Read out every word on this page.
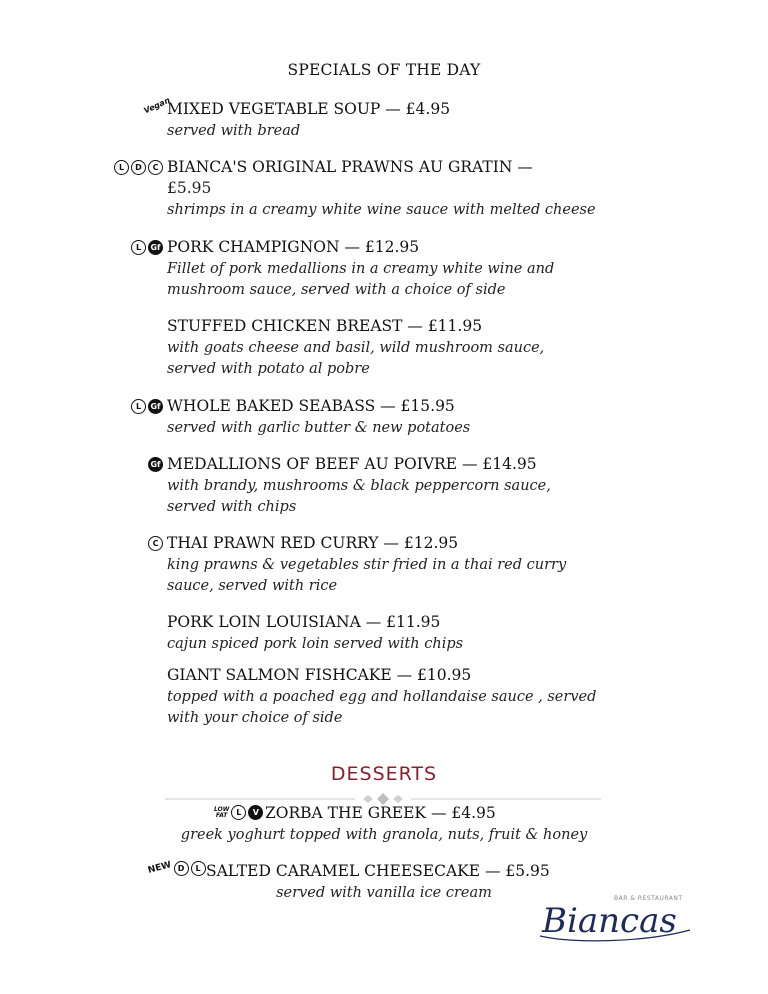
SPECIALS OF THE DAY
Vegan
MIXED VEGETABLE SOUP — £4.95
served with bread
L	D	C BIANCA'S ORIGINAL PRAWNS AU GRATIN —
£5.95
shrimps in a creamy white wine sauce with melted cheese
L	Gf PORK CHAMPIGNON — £12.95
Fillet of pork medallions in a creamy white wine and
mushroom sauce, served with a choice of side
STUFFED CHICKEN BREAST — £11.95
with goats cheese and basil, wild mushroom sauce,
served with potato al pobre
L	Gf WHOLE BAKED SEABASS — £15.95
served with garlic butter & new potatoes
Gf MEDALLIONS OF BEEF AU POIVRE — £14.95
with brandy, mushrooms & black peppercorn sauce,
served with chips
C THAI PRAWN RED CURRY — £12.95
king prawns & vegetables stir fried in a thai red curry
sauce, served with rice
PORK LOIN LOUISIANA — £11.95
cajun spiced pork loin served with chips
GIANT SALMON FISHCAKE — £10.95
topped with a poached egg and hollandaise sauce , served
with your choice of side
DESSERTS
LOW
FAT	L	V ZORBA THE GREEK — £4.95
greek yoghurt topped with granola, nuts, fruit & honey
NEW D	L SALTED CARAMEL CHEESECAKE — £5.95
served with vanilla ice cream	BAR & RESTAURANT
Biancas
